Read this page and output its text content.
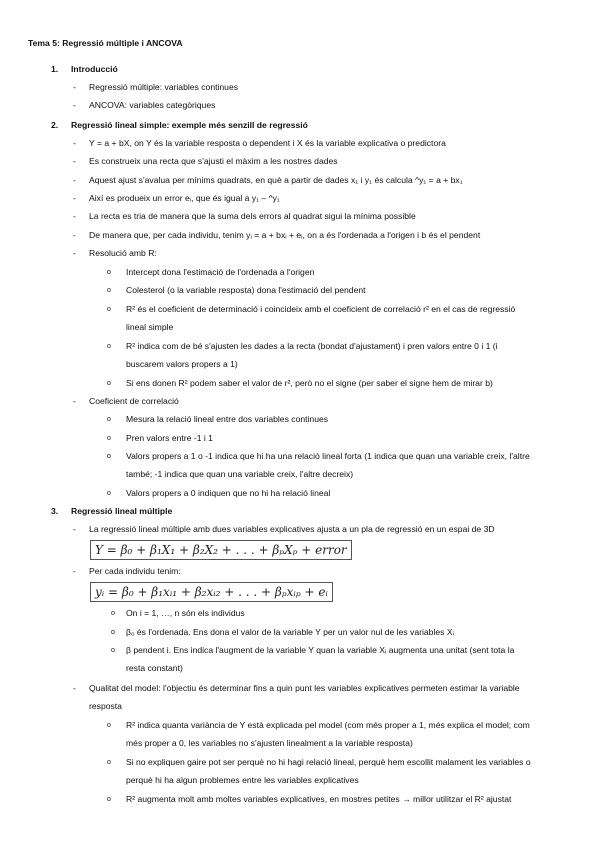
Tema 5: Regressió múltiple i ANCOVA
1. Introducció
- Regressió múltiple: variables continues
- ANCOVA: variables categòriques
2. Regressió lineal simple: exemple més senzill de regressió
- Y = a + bX, on Y és la variable resposta o dependent i X és la variable explicativa o predictora
- Es construeix una recta que s'ajusti el màxim a les nostres dades
- Aquest ajust s'avalua per mínims quadrats, en què a partir de dades x₁ i y₁ és calcula ^y₁ = a + bx₁
- Així es produeix un error eᵢ, que és igual a y₁ – ^y₁
- La recta es tria de manera que la suma dels errors al quadrat sigui la mínima possible
- De manera que, per cada individu, tenim yᵢ = a + bxᵢ + eᵢ, on a és l'ordenada a l'origen i b és el pendent
- Resolució amb R:
o Intercept dona l'estimació de l'ordenada a l'origen
o Colesterol (o la variable resposta) dona l'estimació del pendent
o R² és el coeficient de determinació i coincideix amb el coeficient de correlació r² en el cas de regressió
lineal simple
o R² indica com de bé s'ajusten les dades a la recta (bondat d'ajustament) i pren valors entre 0 i 1 (i
buscarem valors propers a 1)
o Si ens donen R² podem saber el valor de r², però no el signe (per saber el signe hem de mirar b)
- Coeficient de correlació
o Mesura la relació lineal entre dos variables continues
o Pren valors entre -1 i 1
o Valors propers a 1 o -1 indica que hi ha una relació lineal forta (1 indica que quan una variable creix, l'altre
també; -1 indica que quan una variable creix, l'altre decreix)
o Valors propers a 0 indiquen que no hi ha relació lineal
3. Regressió lineal múltiple
- La regressió lineal múltiple amb dues variables explicatives ajusta a un pla de regressió en un espai de 3D
Y = β₀ + β₁X₁ + β₂X₂ + . . . + βₚXₚ + error
- Per cada individu tenim:
yᵢ = β₀ + β₁xᵢ₁ + β₂xᵢ₂ + . . . + βₚxᵢₚ + eᵢ
o On i = 1, …, n són els individus
o β₀ és l'ordenada. Ens dona el valor de la variable Y per un valor nul de les variables Xᵢ
o β pendent i. Ens indica l'augment de la variable Y quan la variable Xᵢ augmenta una unitat (sent tota la
resta constant)
- Qualitat del model: l'objectiu és determinar fins a quin punt les variables explicatives permeten estimar la variable
resposta
o R² indica quanta variància de Y està explicada pel model (com més proper a 1, més explica el model; com
més proper a 0, les variables no s'ajusten linealment a la variable resposta)
o Si no expliquen gaire pot ser perquè no hi hagi relació lineal, perquè hem escollit malament les variables o
perquè hi ha algun problemes entre les variables explicatives
o R² augmenta molt amb moltes variables explicatives, en mostres petites → millor utilitzar el R² ajustat
